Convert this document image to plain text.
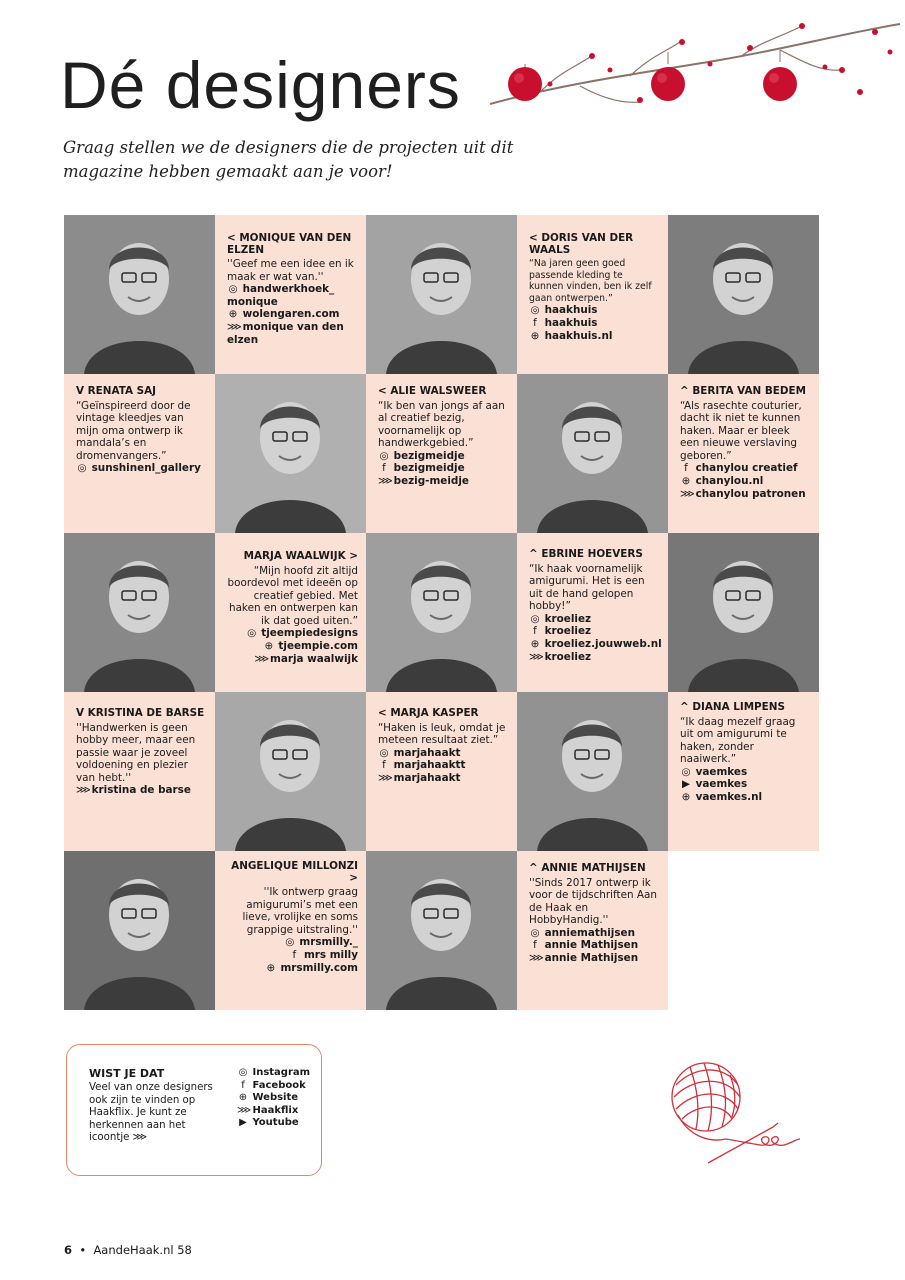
Dé designers

Graag stellen we de designers die de projecten uit dit magazine hebben gemaakt aan je voor!

< MONIQUE VAN DEN ELZEN

''Geef me een idee en ik maak er wat van.''

◎ handwerkhoek_
monique
⊕ wolengaren.com
⋙ monique van den
elzen
< DORIS VAN DER WAALS

“Na jaren geen goed passende kleding te kunnen vinden, ben ik zelf gaan ontwerpen.”

◎ haakhuis
f haakhuis
⊕ haakhuis.nl
V RENATA SAJ

“Geïnspireerd door de vintage kleedjes van mijn oma ontwerp ik mandala’s en dromenvangers.”

◎ sunshinenl_gallery
< ALIE WALSWEER

“Ik ben van jongs af aan al creatief bezig, voornamelijk op handwerkgebied.”

◎ bezigmeidje
f bezigmeidje
⋙ bezig-meidje
^ BERITA VAN BEDEM

“Als rasechte couturier, dacht ik niet te kunnen haken. Maar er bleek een nieuwe verslaving geboren.”

f chanylou creatief
⊕ chanylou.nl
⋙ chanylou patronen
MARJA WAALWIJK >

“Mijn hoofd zit altijd boordevol met ideeën op creatief gebied. Met haken en ontwerpen kan ik dat goed uiten.”

◎ tjeempiedesigns
⊕ tjeempie.com
⋙ marja waalwijk
^ EBRINE HOEVERS

“Ik haak voornamelijk amigurumi. Het is een uit de hand gelopen hobby!”

◎ kroeliez
f kroeliez
⊕ kroeliez.jouwweb.nl
⋙ kroeliez
V KRISTINA DE BARSE

''Handwerken is geen hobby meer, maar een passie waar je zoveel voldoening en plezier van hebt.''

⋙ kristina de barse
< MARJA KASPER

“Haken is leuk, omdat je meteen resultaat ziet.”

◎ marjahaakt
f marjahaaktt
⋙ marjahaakt
^ DIANA LIMPENS

“Ik daag mezelf graag uit om amigurumi te haken, zonder naaiwerk.”

◎ vaemkes
▶ vaemkes
⊕ vaemkes.nl
ANGELIQUE MILLONZI >

''Ik ontwerp graag amigurumi’s met een lieve, vrolijke en soms grappige uitstraling.''

◎ mrsmilly._
f mrs milly
⊕ mrsmilly.com
^ ANNIE MATHIJSEN

''Sinds 2017 ontwerp ik voor de tijdschriften Aan de Haak en HobbyHandig.''

◎ anniemathijsen
f annie Mathijsen
⋙ annie Mathijsen
WIST JE DAT
Veel van onze designers ook zijn te vinden op Haakflix. Je kunt ze herkennen aan het icoontje ⋙
◎ Instagram
f Facebook
⊕ Website
⋙ Haakflix
▶ Youtube
6 • AandeHaak.nl 58
